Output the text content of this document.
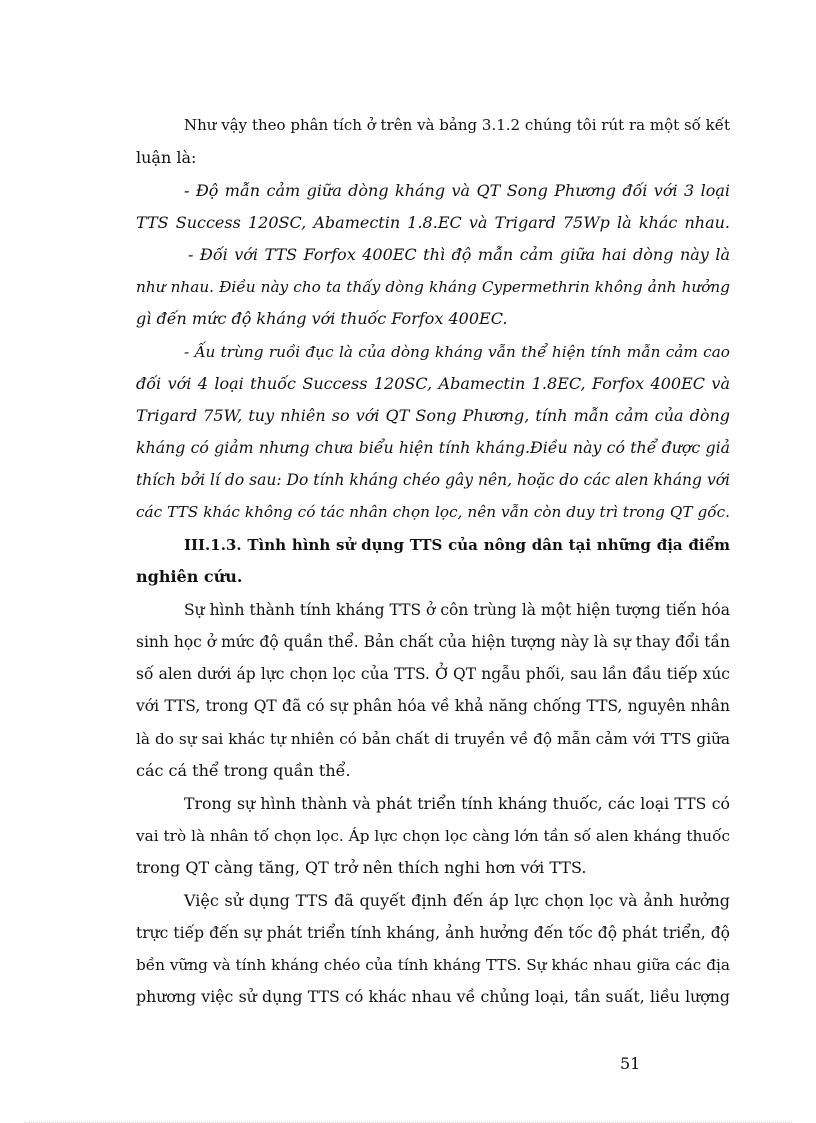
Như vậy theo phân tích ở trên và bảng 3.1.2 chúng tôi rút ra một số kết
luận là:
- Độ mẫn cảm giữa dòng kháng và QT Song Phương đối với 3 loại
TTS Success 120SC, Abamectin 1.8.EC và Trigard 75Wp là khác nhau.
- Đối với TTS Forfox 400EC thì độ mẫn cảm giữa hai dòng này là
như nhau. Điều này cho ta thấy dòng kháng Cypermethrin không ảnh hưởng
gì đến mức độ kháng với thuốc Forfox 400EC.
- Ấu trùng ruồi đục là của dòng kháng vẫn thể hiện tính mẫn cảm cao
đối với 4 loại thuốc Success 120SC, Abamectin 1.8EC, Forfox 400EC và
Trigard 75W, tuy nhiên so với QT Song Phương, tính mẫn cảm của dòng
kháng có giảm nhưng chưa biểu hiện tính kháng.Điều này có thể được giả
thích bởi lí do sau: Do tính kháng chéo gây nên, hoặc do các alen kháng với
các TTS khác không có tác nhân chọn lọc, nên vẫn còn duy trì trong QT gốc.
III.1.3. Tình hình sử dụng TTS của nông dân tại những địa điểm
nghiên cứu.
Sự hình thành tính kháng TTS ở côn trùng là một hiện tượng tiến hóa
sinh học ở mức độ quần thể. Bản chất của hiện tượng này là sự thay đổi tần
số alen dưới áp lực chọn lọc của TTS. Ở QT ngẫu phối, sau lần đầu tiếp xúc
với TTS, trong QT đã có sự phân hóa về khả năng chống TTS, nguyên nhân
là do sự sai khác tự nhiên có bản chất di truyền về độ mẫn cảm với TTS giữa
các cá thể trong quần thể.
Trong sự hình thành và phát triển tính kháng thuốc, các loại TTS có
vai trò là nhân tố chọn lọc. Áp lực chọn lọc càng lớn tần số alen kháng thuốc
trong QT càng tăng, QT trở nên thích nghi hơn với TTS.
Việc sử dụng TTS đã quyết định đến áp lực chọn lọc và ảnh hưởng
trực tiếp đến sự phát triển tính kháng, ảnh hưởng đến tốc độ phát triển, độ
bền vững và tính kháng chéo của tính kháng TTS. Sự khác nhau giữa các địa
phương việc sử dụng TTS có khác nhau về chủng loại, tần suất, liều lượng
51
